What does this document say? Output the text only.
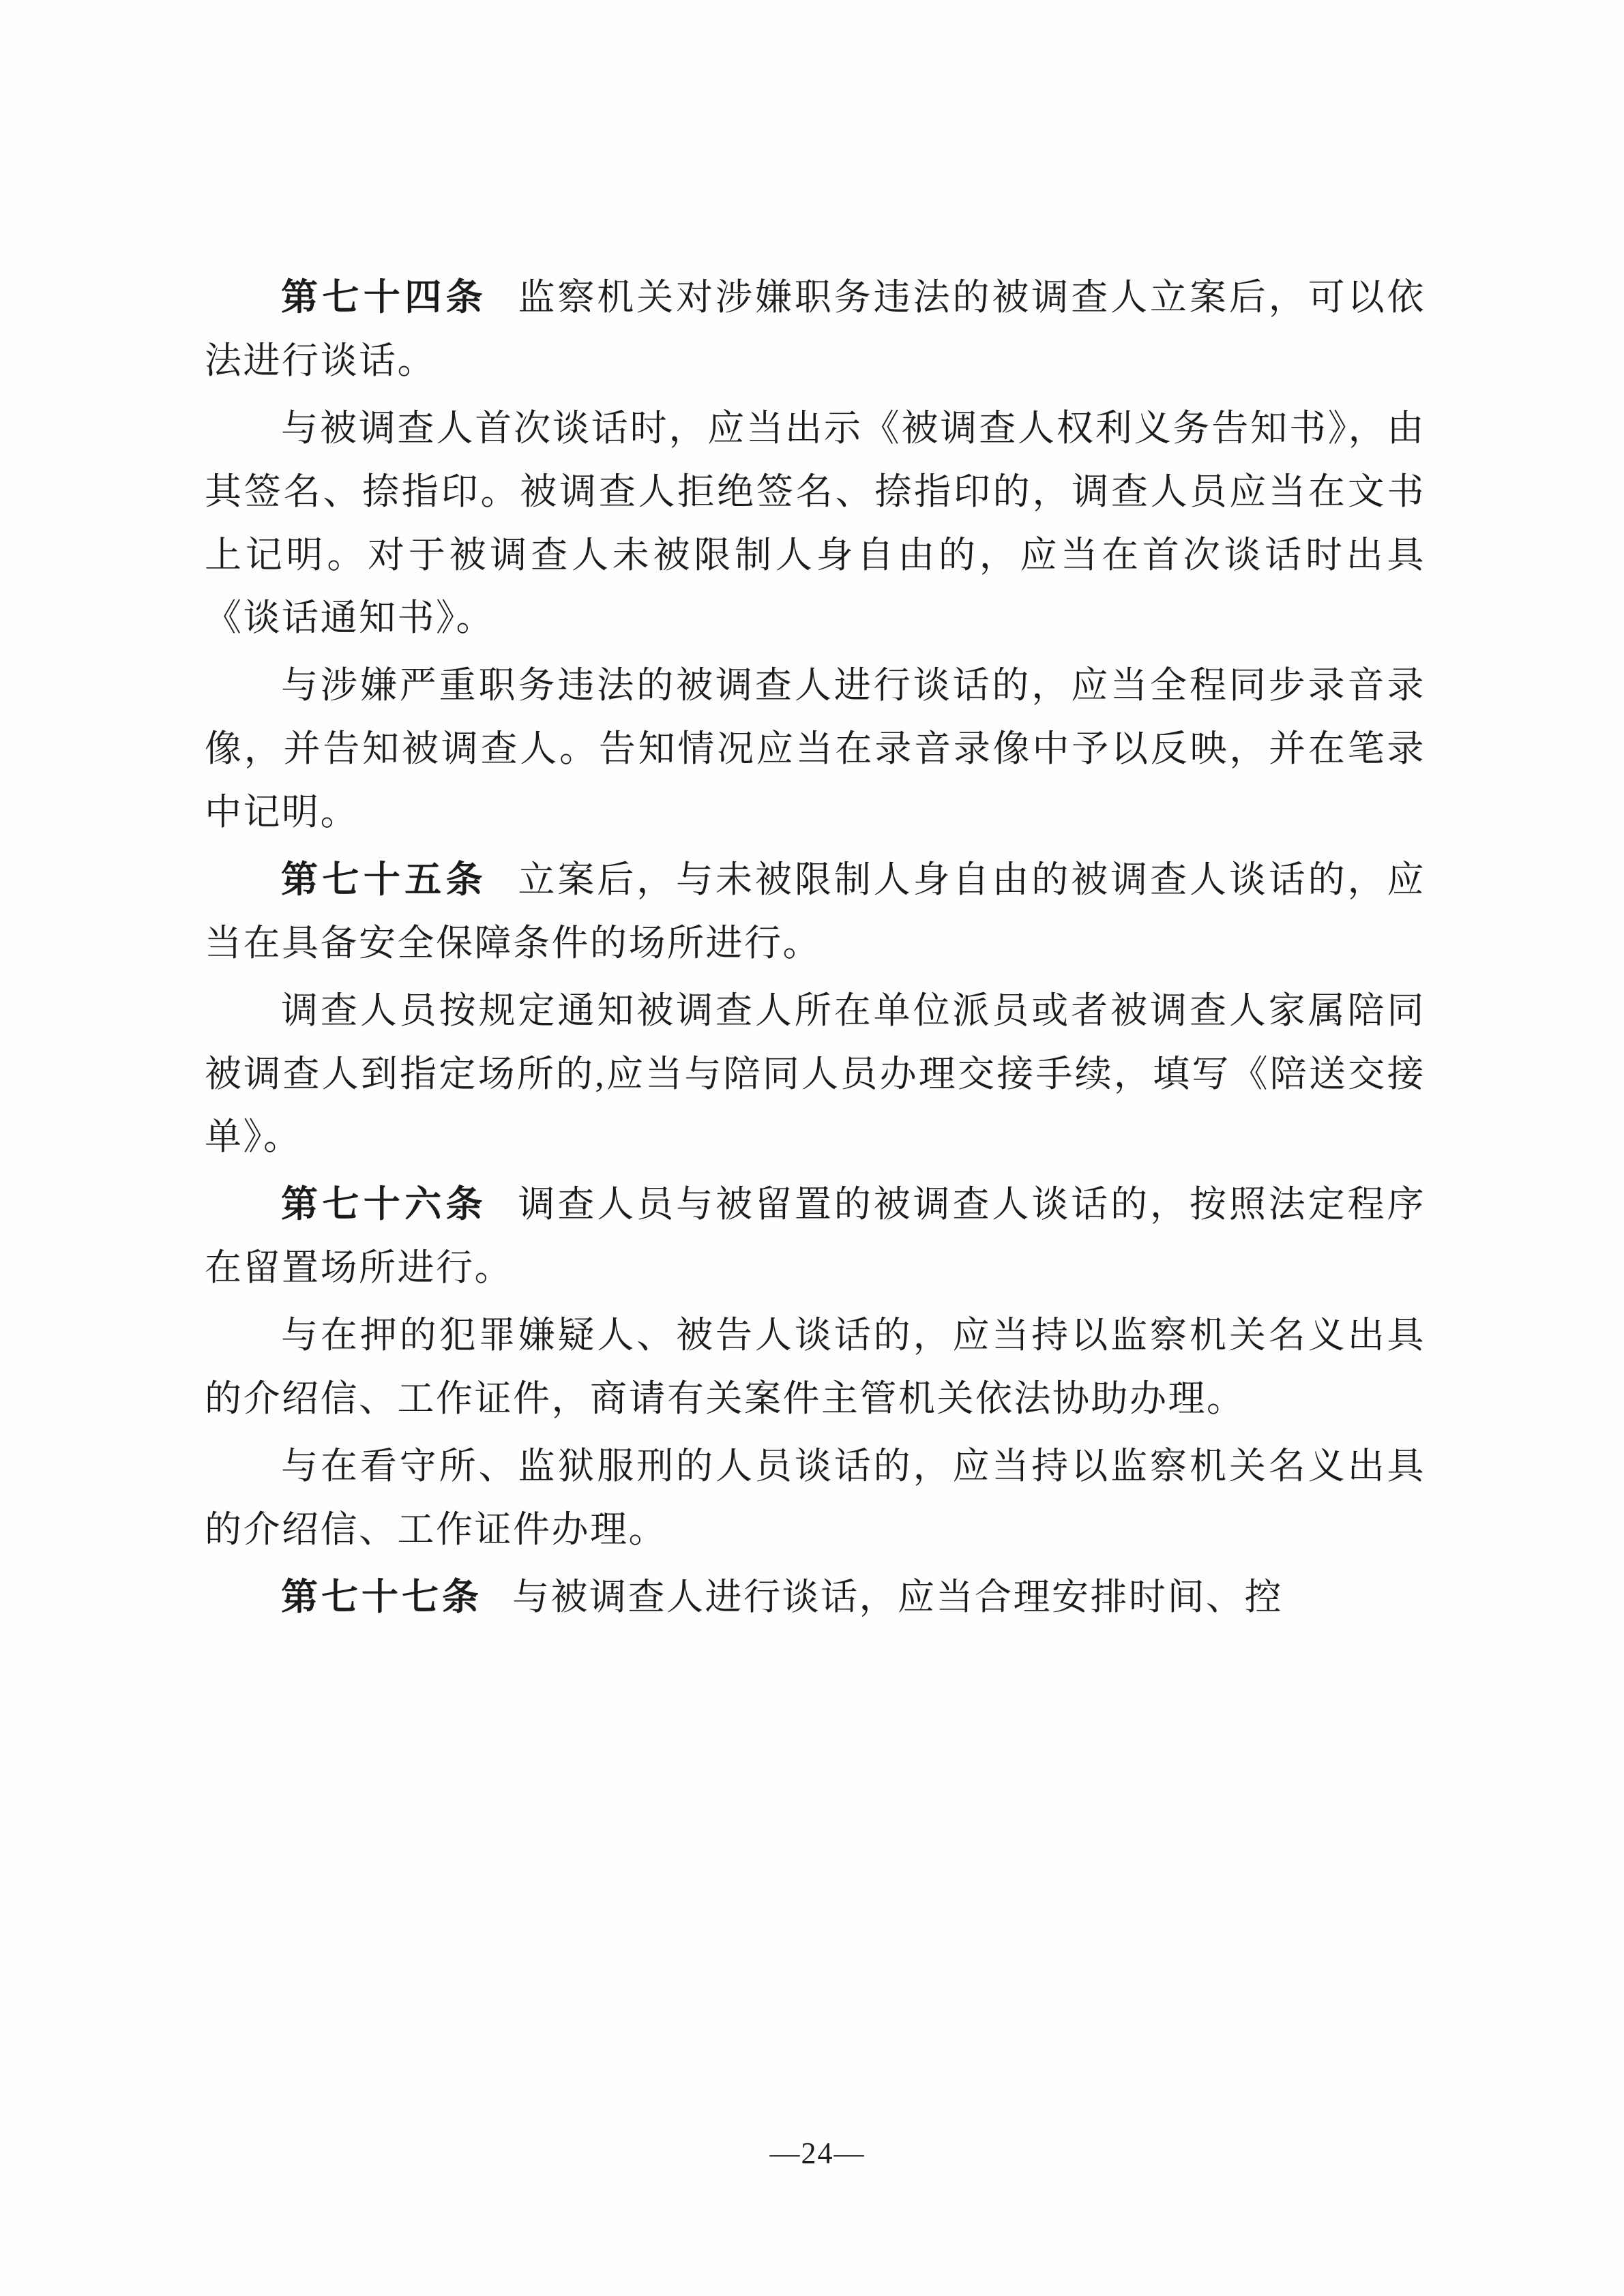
第七十四条 监察机关对涉嫌职务违法的被调查人立案后，可以依法进行谈话。

与被调查人首次谈话时，应当出示《被调查人权利义务告知书》，由其签名、捺指印。被调查人拒绝签名、捺指印的，调查人员应当在文书上记明。对于被调查人未被限制人身自由的，应当在首次谈话时出具《谈话通知书》。

与涉嫌严重职务违法的被调查人进行谈话的，应当全程同步录音录像，并告知被调查人。告知情况应当在录音录像中予以反映，并在笔录中记明。

第七十五条 立案后，与未被限制人身自由的被调查人谈话的，应当在具备安全保障条件的场所进行。

调查人员按规定通知被调查人所在单位派员或者被调查人家属陪同被调查人到指定场所的,应当与陪同人员办理交接手续，填写《陪送交接单》。

第七十六条 调查人员与被留置的被调查人谈话的，按照法定程序在留置场所进行。

与在押的犯罪嫌疑人、被告人谈话的，应当持以监察机关名义出具的介绍信、工作证件，商请有关案件主管机关依法协助办理。

与在看守所、监狱服刑的人员谈话的，应当持以监察机关名义出具的介绍信、工作证件办理。

第七十七条 与被调查人进行谈话，应当合理安排时间、控

—24—
